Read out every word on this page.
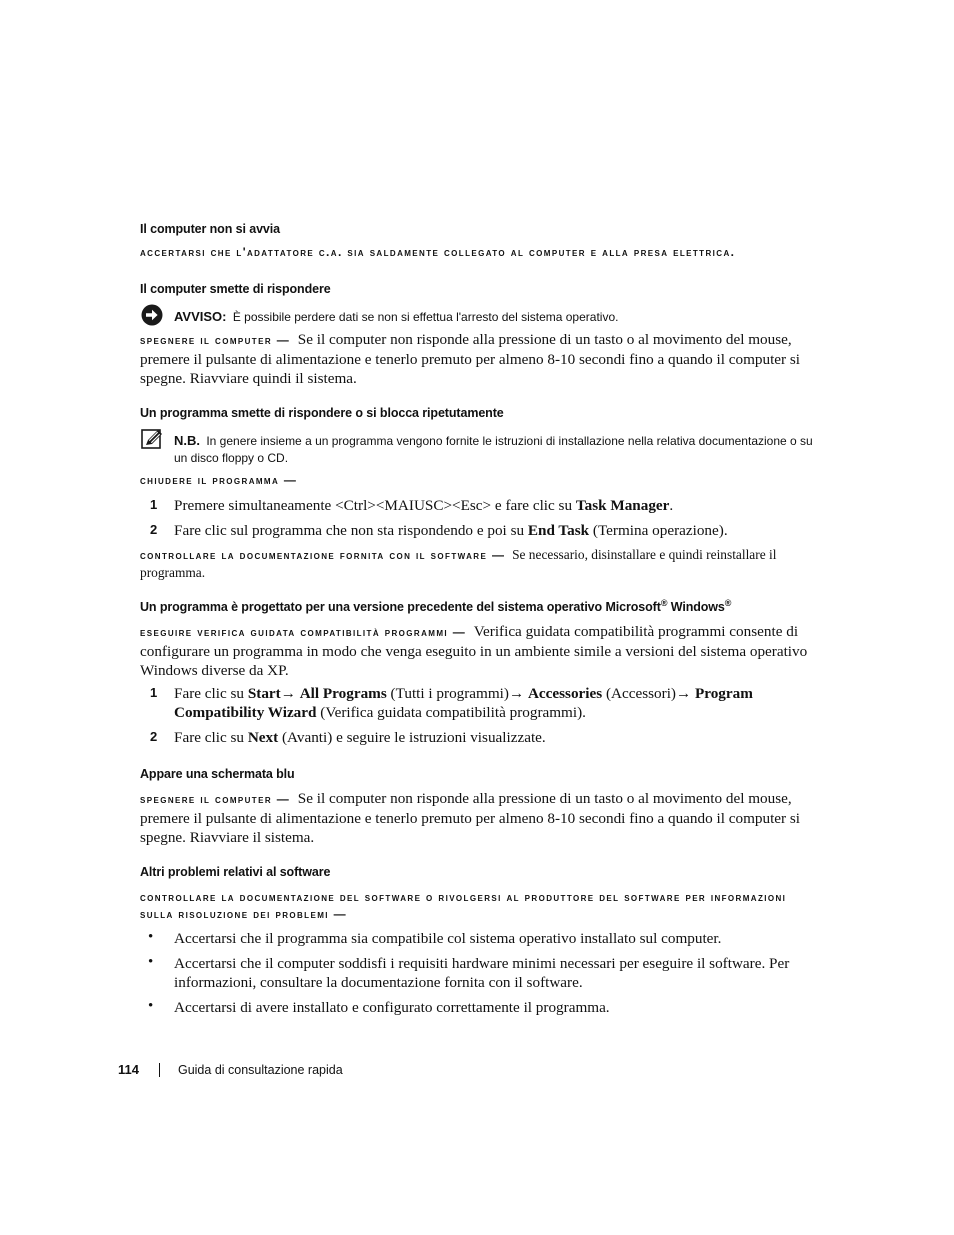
Il computer non si avvia

accertarsi che l'adattatore c.a. sia saldamente collegato al computer e alla presa elettrica.

Il computer smette di rispondere

AVVISO: È possibile perdere dati se non si effettua l'arresto del sistema operativo.

spegnere il computer — Se il computer non risponde alla pressione di un tasto o al movimento del mouse, premere il pulsante di alimentazione e tenerlo premuto per almeno 8-10 secondi fino a quando il computer si spegne. Riavviare quindi il sistema.

Un programma smette di rispondere o si blocca ripetutamente

N.B. In genere insieme a un programma vengono fornite le istruzioni di installazione nella relativa documentazione o su un disco floppy o CD.

chiudere il programma —

1 Premere simultaneamente <Ctrl><MAIUSC><Esc> e fare clic su Task Manager.

2 Fare clic sul programma che non sta rispondendo e poi su End Task (Termina operazione).

controllare la documentazione fornita con il software — Se necessario, disinstallare e quindi reinstallare il programma.

Un programma è progettato per una versione precedente del sistema operativo Microsoft® Windows®

eseguire verifica guidata compatibilità programmi — Verifica guidata compatibilità programmi consente di configurare un programma in modo che venga eseguito in un ambiente simile a versioni del sistema operativo Windows diverse da XP.

1 Fare clic su Start→ All Programs (Tutti i programmi)→ Accessories (Accessori)→ Program Compatibility Wizard (Verifica guidata compatibilità programmi).

2 Fare clic su Next (Avanti) e seguire le istruzioni visualizzate.

Appare una schermata blu

spegnere il computer — Se il computer non risponde alla pressione di un tasto o al movimento del mouse, premere il pulsante di alimentazione e tenerlo premuto per almeno 8-10 secondi fino a quando il computer si spegne. Riavviare il sistema.

Altri problemi relativi al software

controllare la documentazione del software o rivolgersi al produttore del software per informazioni sulla risoluzione dei problemi —

• Accertarsi che il programma sia compatibile col sistema operativo installato sul computer.

• Accertarsi che il computer soddisfi i requisiti hardware minimi necessari per eseguire il software. Per informazioni, consultare la documentazione fornita con il software.

• Accertarsi di avere installato e configurato correttamente il programma.

114	Guida di consultazione rapida
